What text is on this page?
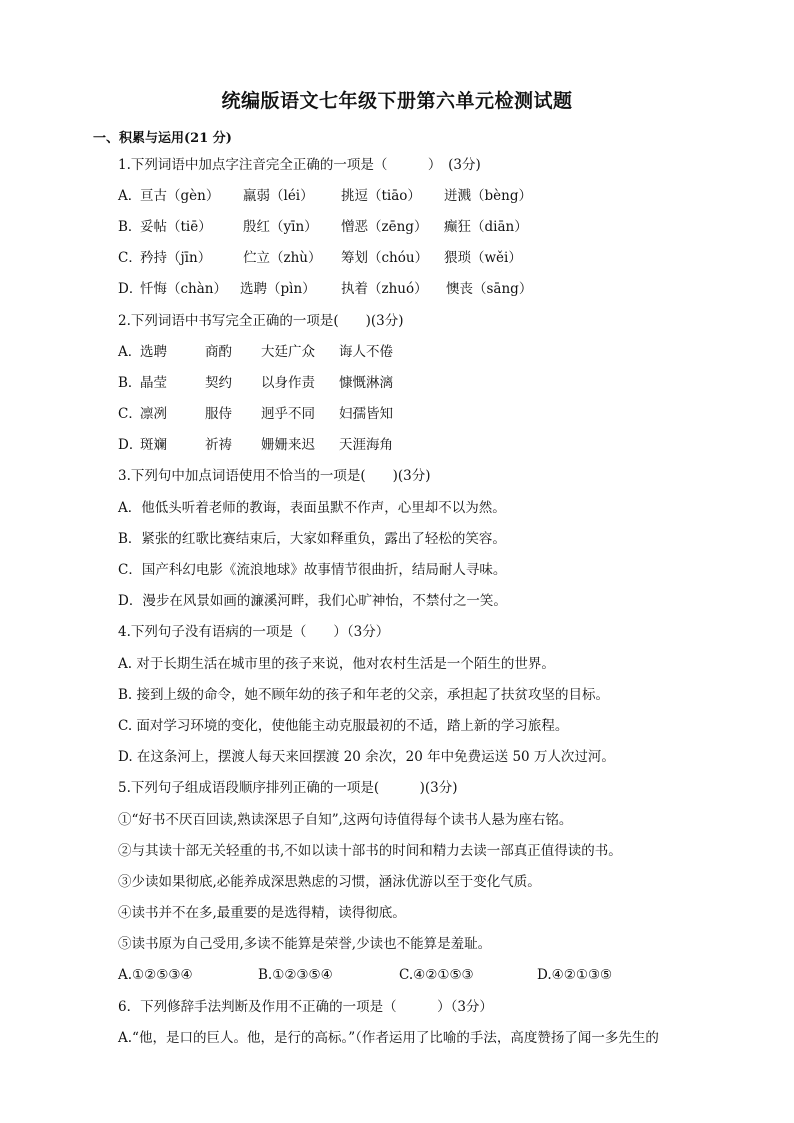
统编版语文七年级下册第六单元检测试题
一、积累与运用(21 分)
1.下列词语中加点字注音完全正确的一项是（　　　）　(3分)
A．亘古（gèn） 羸弱（léi） 挑逗（tiāo） 迸溅（bèng）
B．妥帖（tiē） 殷红（yīn） 憎恶（zēng） 癫狂（diān）
C．矜持（jīn） 伫立（zhù） 筹划（chóu） 猥琐（wěi）
D．忏悔（chàn） 选聘（pìn） 执着（zhuó） 懊丧（sāng）
2.下列词语中书写完全正确的一项是(　　)(3分)
A．选聘	商酌 大廷广众 诲人不倦
B．晶莹	契约 以身作责 慷慨淋漓
C．凛冽	服侍 迥乎不同 妇孺皆知
D．斑斓	祈祷 姗姗来迟 天涯海角
3.下列句中加点词语使用不恰当的一项是(　　)(3分)
A．他低头听着老师的教诲，表面虽默不作声，心里却不以为然。
B．紧张的红歌比赛结束后，大家如释重负，露出了轻松的笑容。
C．国产科幻电影《流浪地球》故事情节很曲折，结局耐人寻味。
D．漫步在风景如画的濂溪河畔，我们心旷神怡，不禁付之一笑。
4.下列句子没有语病的一项是（　　）（3分）
A. 对于长期生活在城市里的孩子来说，他对农村生活是一个陌生的世界。
B. 接到上级的命令，她不顾年幼的孩子和年老的父亲，承担起了扶贫攻坚的目标。
C. 面对学习环境的变化，使他能主动克服最初的不适，踏上新的学习旅程。
D. 在这条河上，摆渡人每天来回摆渡 20 余次，20 年中免费运送 50 万人次过河。
5.下列句子组成语段顺序排列正确的一项是(　　　)(3分)
①“好书不厌百回读,熟读深思子自知”,这两句诗值得每个读书人悬为座右铭。
②与其读十部无关轻重的书,不如以读十部书的时间和精力去读一部真正值得读的书。
③少读如果彻底,必能养成深思熟虑的习惯，涵泳优游以至于变化气质。
④读书并不在多,最重要的是选得精，读得彻底。
⑤读书原为自己受用,多读不能算是荣誉,少读也不能算是羞耻。
A.①②⑤③④	B.①②③⑤④	C.④②①⑤③	D.④②①③⑤
6．下列修辞手法判断及作用不正确的一项是（　　　）（3分）
A.“他，是口的巨人。他，是行的高标。”（作者运用了比喻的手法，高度赞扬了闻一多先生的
